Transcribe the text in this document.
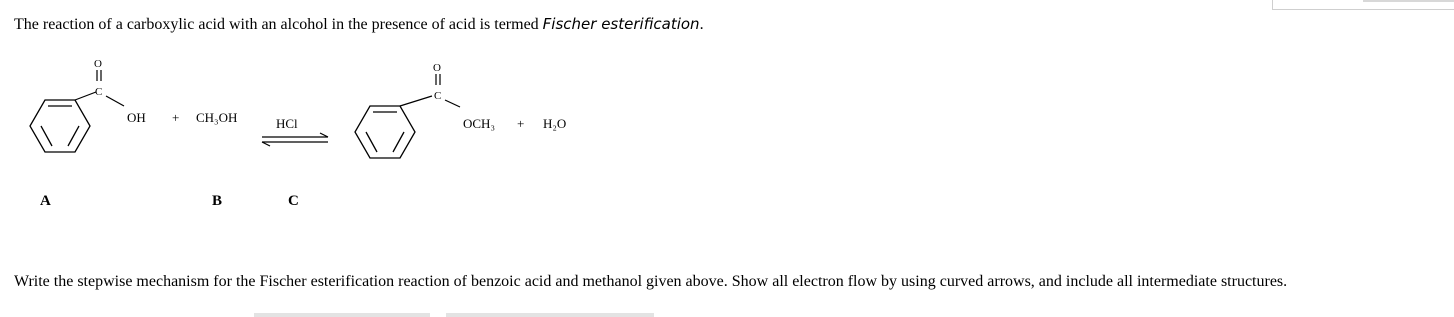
The reaction of a carboxylic acid with an alcohol in the presence of acid is termed Fischer esterification.
O
C
OH + CH₃OH	HCl
O
C
OCH₃ + H₂O
A	B	C
Write the stepwise mechanism for the Fischer esterification reaction of benzoic acid and methanol given above. Show all electron flow by using curved arrows, and include all intermediate structures.
